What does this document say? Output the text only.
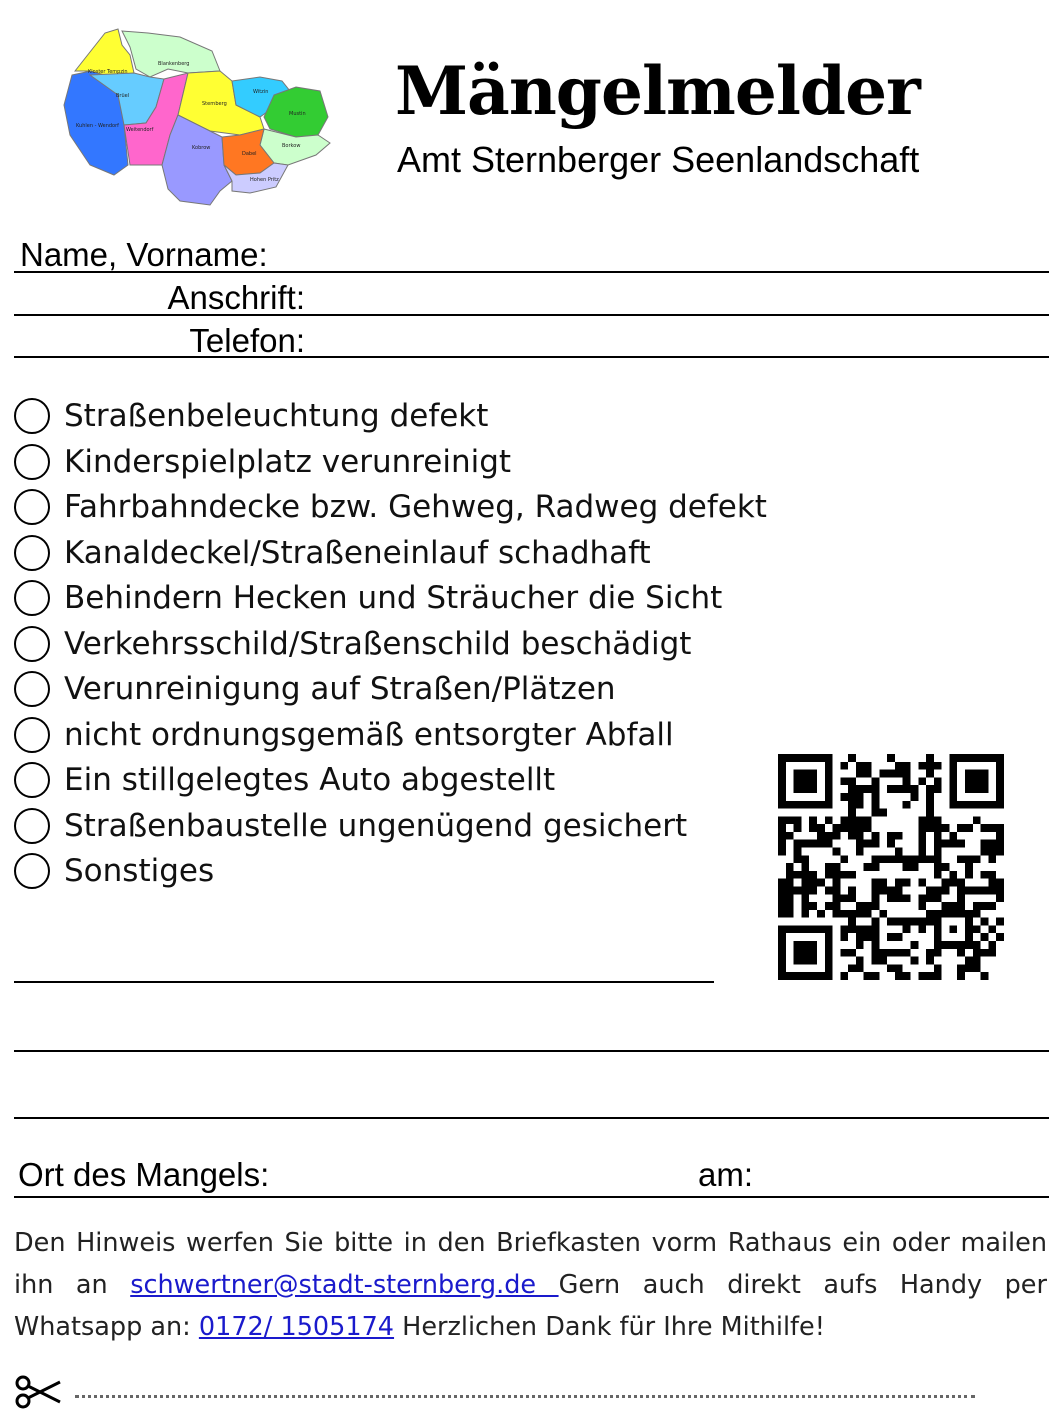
Kloster Tempzin
Blankenberg
Brüel
Kuhlen - Wendorf
Weitendorf
Sternberg
Witzin
Mustin
Borkow
Kobrow
Dabel
Hohen Pritz
Mängelmelder
Amt Sternberger Seenlandschaft
Name, Vorname:
Anschrift:
Telefon:
Straßenbeleuchtung defekt
Kinderspielplatz verunreinigt
Fahrbahndecke bzw. Gehweg, Radweg defekt
Kanaldeckel/Straßeneinlauf schadhaft
Behindern Hecken und Sträucher die Sicht
Verkehrsschild/Straßenschild beschädigt
Verunreinigung auf Straßen/Plätzen
nicht ordnungsgemäß entsorgter Abfall
Ein stillgelegtes Auto abgestellt
Straßenbaustelle ungenügend gesichert
Sonstiges
Ort des Mangels:	am:
Den Hinweis werfen Sie bitte in den Briefkasten vorm Rathaus ein oder mailen ihn an schwertner@stadt-sternberg.de Gern auch direkt aufs Handy per Whatsapp an: 0172/ 1505174 Herzlichen Dank für Ihre Mithilfe!
